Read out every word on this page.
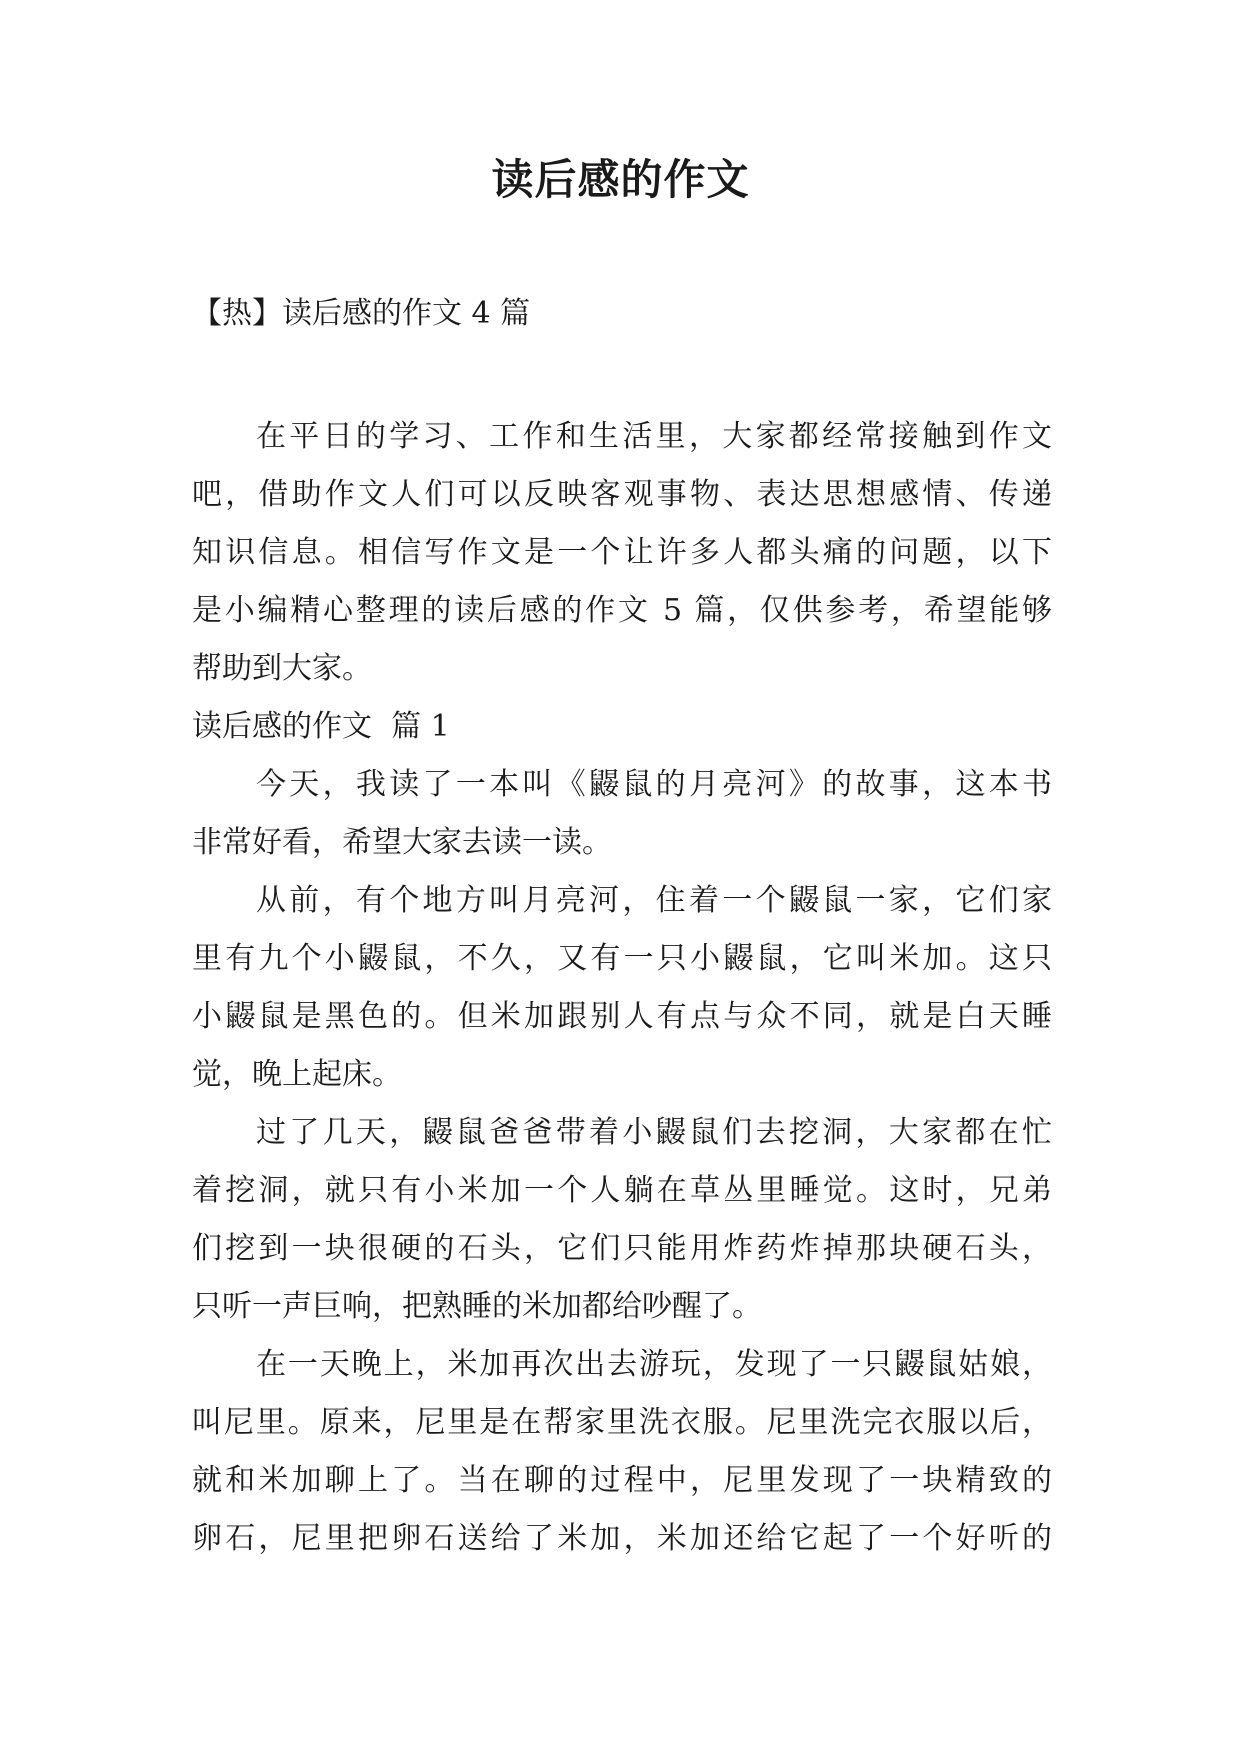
读后感的作文

【热】读后感的作文 4 篇

在平日的学习、工作和生活里，大家都经常接触到作文
吧，借助作文人们可以反映客观事物、表达思想感情、传递
知识信息。相信写作文是一个让许多人都头痛的问题，以下
是小编精心整理的读后感的作文 5 篇，仅供参考，希望能够
帮助到大家。

读后感的作文  篇 1

今天，我读了一本叫《鼹鼠的月亮河》的故事，这本书
非常好看，希望大家去读一读。

从前，有个地方叫月亮河，住着一个鼹鼠一家，它们家
里有九个小鼹鼠，不久，又有一只小鼹鼠，它叫米加。这只
小鼹鼠是黑色的。但米加跟别人有点与众不同，就是白天睡
觉，晚上起床。

过了几天，鼹鼠爸爸带着小鼹鼠们去挖洞，大家都在忙
着挖洞，就只有小米加一个人躺在草丛里睡觉。这时，兄弟
们挖到一块很硬的石头，它们只能用炸药炸掉那块硬石头，
只听一声巨响，把熟睡的米加都给吵醒了。

在一天晚上，米加再次出去游玩，发现了一只鼹鼠姑娘，
叫尼里。原来，尼里是在帮家里洗衣服。尼里洗完衣服以后，
就和米加聊上了。当在聊的过程中，尼里发现了一块精致的
卵石，尼里把卵石送给了米加，米加还给它起了一个好听的
